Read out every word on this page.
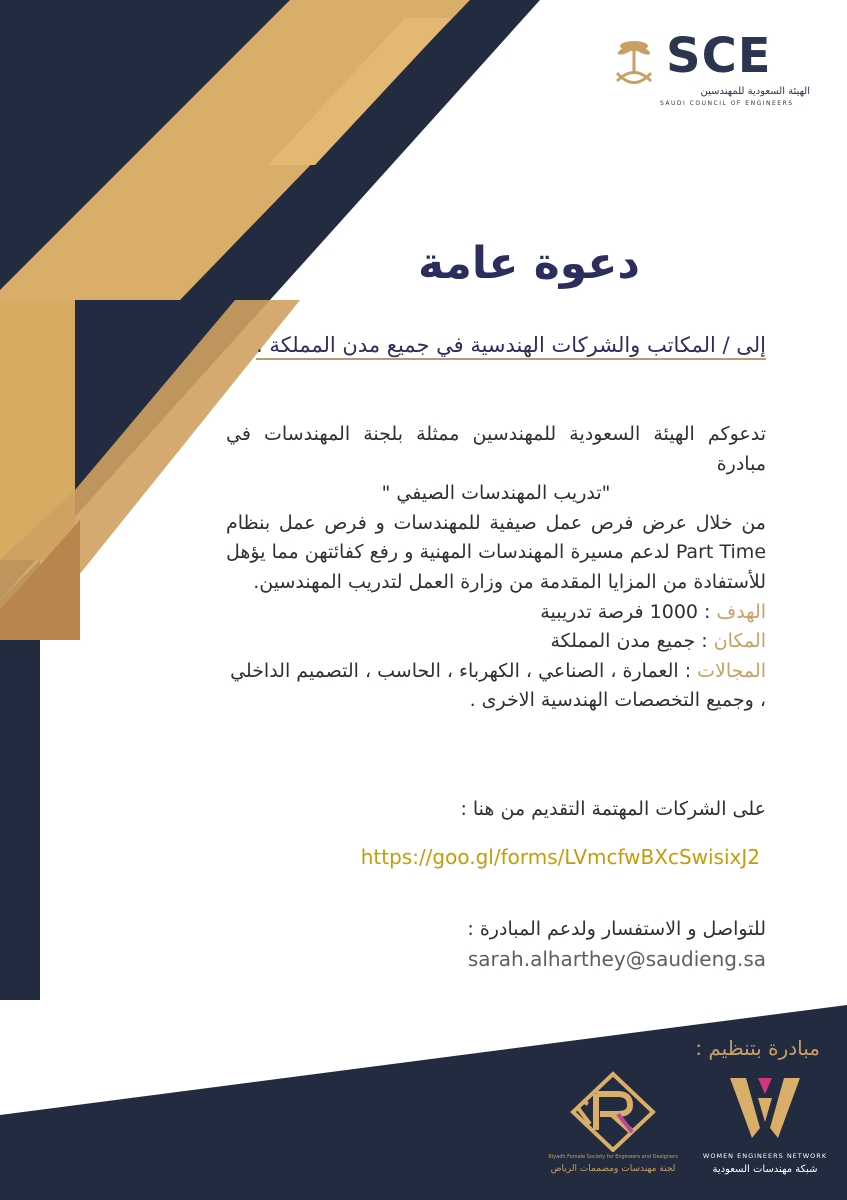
SCE
الهيئة السعودية للمهندسين
SAUDI COUNCIL OF ENGINEERS
دعوة عامة
إلى / المكاتب والشركات الهندسية في جميع مدن المملكة .

تدعوكم الهيئة السعودية للمهندسين ممثلة بلجنة المهندسات في مبادرة

"تدريب المهندسات الصيفي "

من خلال عرض فرص عمل صيفية للمهندسات و فرص عمل بنظام Part Time لدعم مسيرة المهندسات المهنية و رفع كفائتهن مما يؤهل للأستفادة من المزايا المقدمة من وزارة العمل لتدريب المهندسين.

الهدف : 1000 فرصة تدريبية

المكان : جميع مدن المملكة

المجالات : العمارة ، الصناعي ، الكهرباء ، الحاسب ، التصميم الداخلي ، وجميع التخصصات الهندسية الاخرى .

على الشركات المهتمة التقديم من هنا :
https://goo.gl/forms/LVmcfwBXcSwisixJ2
للتواصل و الاستفسار ولدعم المبادرة :
sarah.alharthey@saudieng.sa
مبادرة بتنظيم :
Riyadh Female Society for Engineers and Designers
لجنة مهندسات ومصممات الرياض
WOMEN ENGINEERS NETWORK
شبكة مهندسات السعودية
